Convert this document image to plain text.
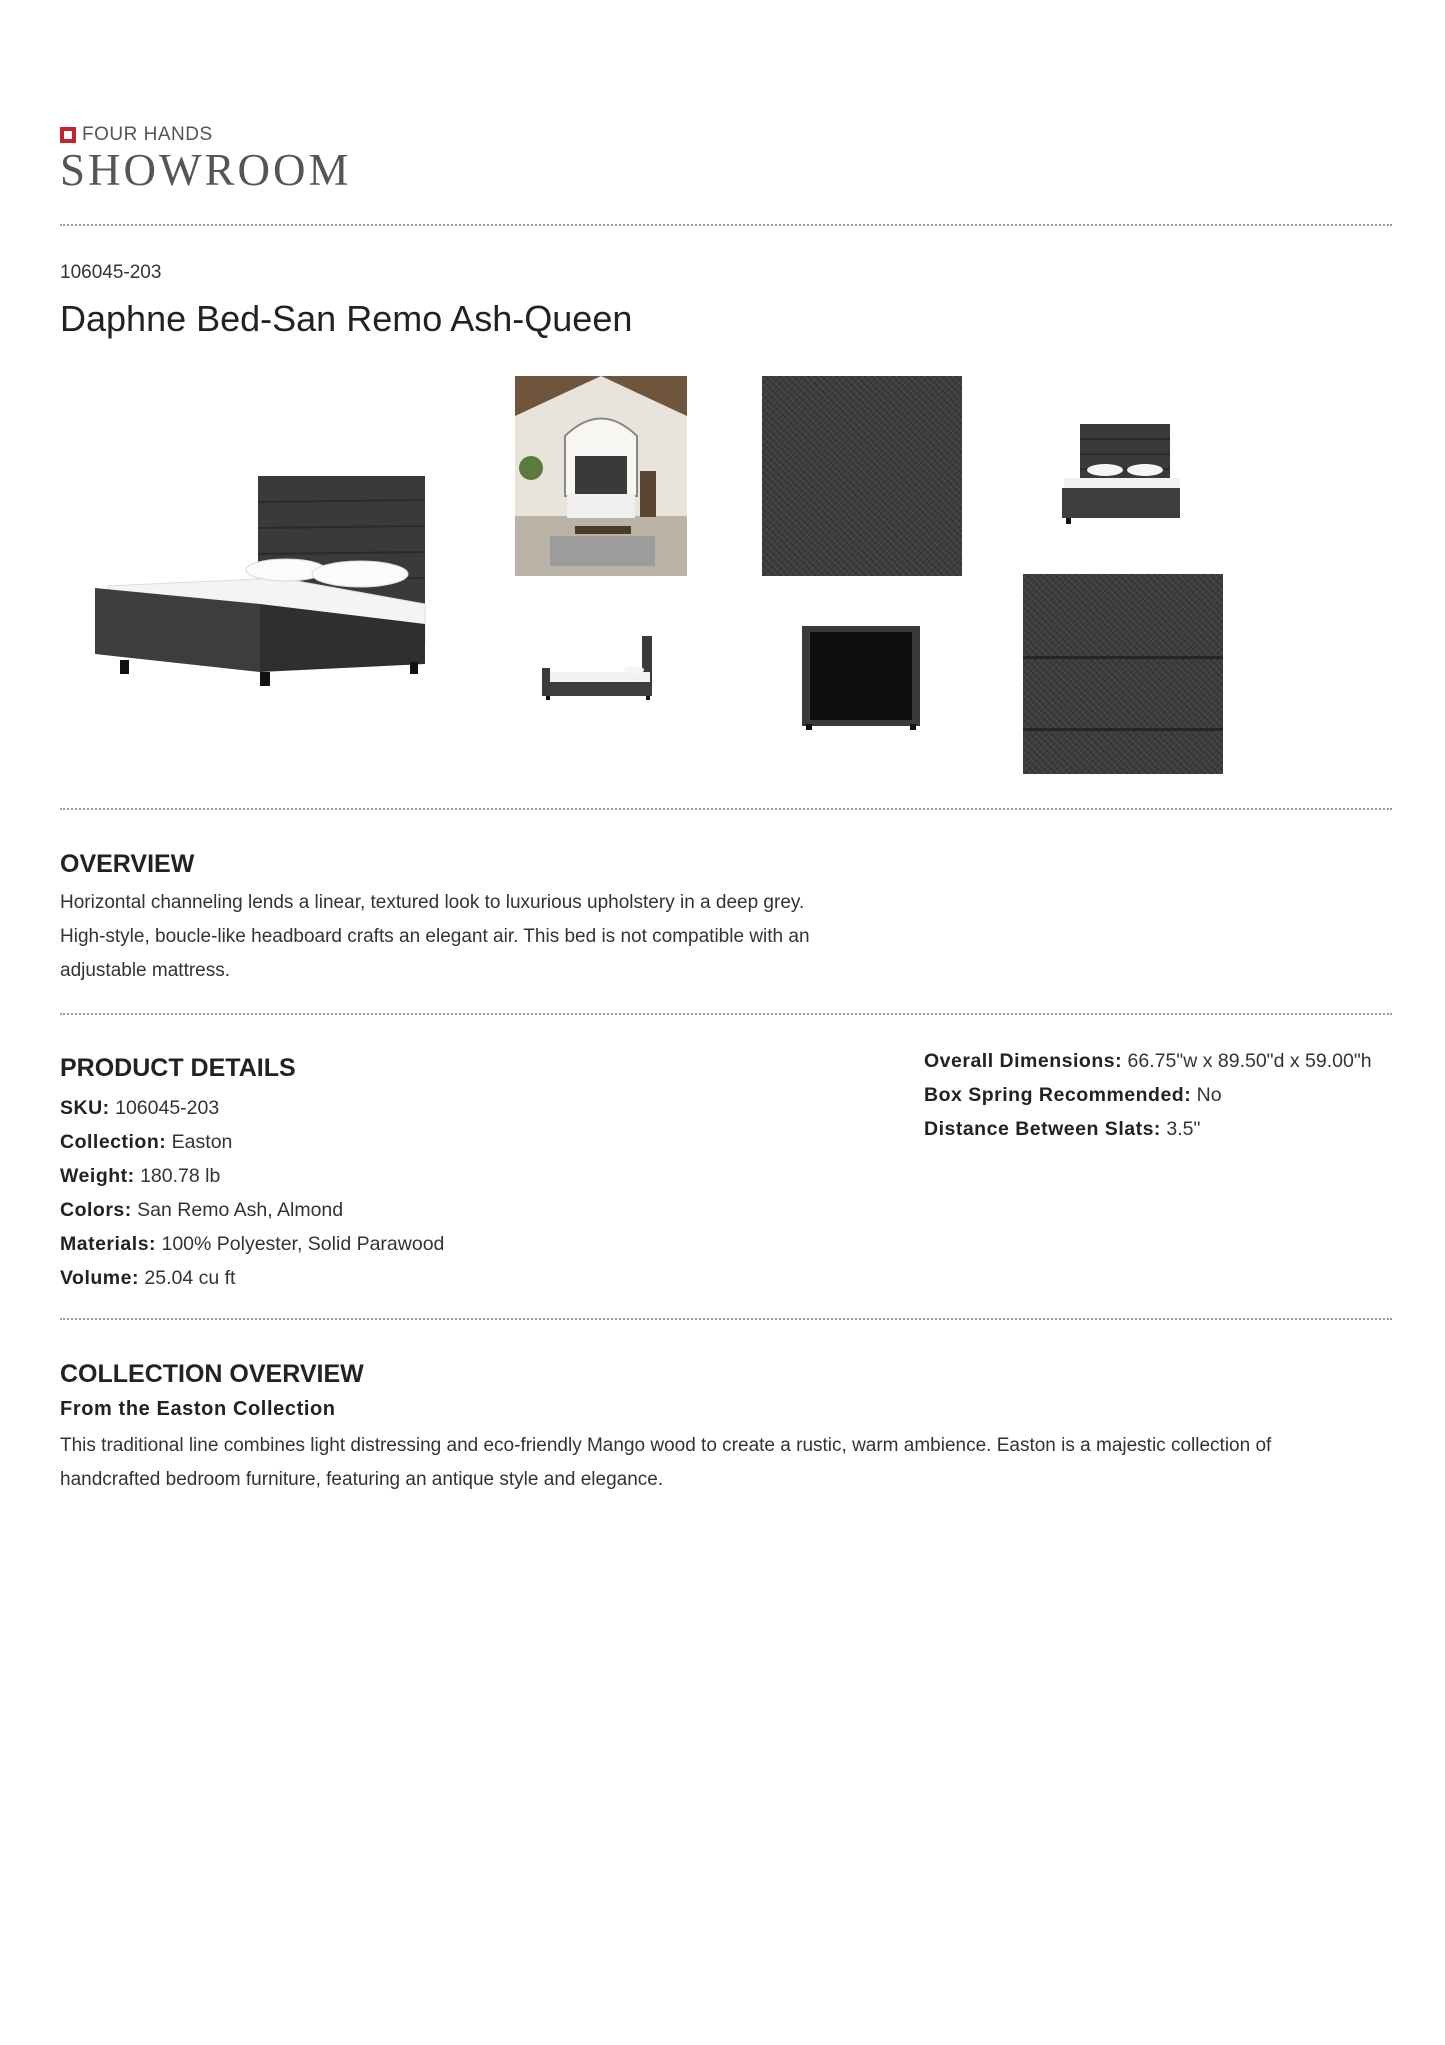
FOUR HANDS
SHOWROOM
106045-203
Daphne Bed-San Remo Ash-Queen
OVERVIEW
Horizontal channeling lends a linear, textured look to luxurious upholstery in a deep grey.
High-style, boucle-like headboard crafts an elegant air. This bed is not compatible with an
adjustable mattress.
PRODUCT DETAILS
SKU: 106045-203
Collection: Easton
Weight: 180.78 lb
Colors: San Remo Ash, Almond
Materials: 100% Polyester, Solid Parawood
Volume: 25.04 cu ft
Overall Dimensions: 66.75"w x 89.50"d x 59.00"h
Box Spring Recommended: No
Distance Between Slats: 3.5"
COLLECTION OVERVIEW
From the Easton Collection
This traditional line combines light distressing and eco-friendly Mango wood to create a rustic, warm ambience. Easton is a majestic collection of
handcrafted bedroom furniture, featuring an antique style and elegance.
